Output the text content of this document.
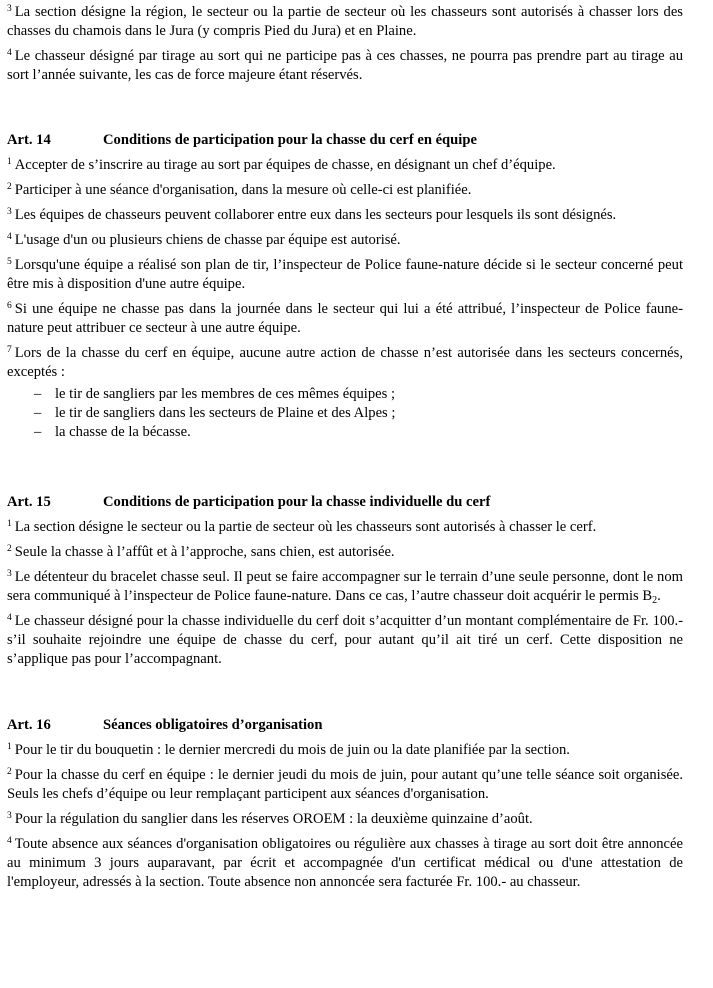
$^3$ La section désigne la région, le secteur ou la partie de secteur où les chasseurs sont autorisés à chasser lors des chasses du chamois dans le Jura (y compris Pied du Jura) et en Plaine.

$^4$ Le chasseur désigné par tirage au sort qui ne participe pas à ces chasses, ne pourra pas prendre part au tirage au sort l’année suivante, les cas de force majeure étant réservés.

Art. 14	Conditions de participation pour la chasse du cerf en équipe

$^1$ Accepter de s’inscrire au tirage au sort par équipes de chasse, en désignant un chef d’équipe.

$^2$ Participer à une séance d'organisation, dans la mesure où celle-ci est planifiée.

$^3$ Les équipes de chasseurs peuvent collaborer entre eux dans les secteurs pour lesquels ils sont désignés.

$^4$ L'usage d'un ou plusieurs chiens de chasse par équipe est autorisé.

$^5$ Lorsqu'une équipe a réalisé son plan de tir, l’inspecteur de Police faune-nature décide si le secteur concerné peut être mis à disposition d'une autre équipe.

$^6$ Si une équipe ne chasse pas dans la journée dans le secteur qui lui a été attribué, l’inspecteur de Police faune-nature peut attribuer ce secteur à une autre équipe.

$^7$ Lors de la chasse du cerf en équipe, aucune autre action de chasse n’est autorisée dans les secteurs concernés, exceptés :

– le tir de sangliers par les membres de ces mêmes équipes ;
– le tir de sangliers dans les secteurs de Plaine et des Alpes ;
– la chasse de la bécasse.
Art. 15	Conditions de participation pour la chasse individuelle du cerf

$^1$ La section désigne le secteur ou la partie de secteur où les chasseurs sont autorisés à chasser le cerf.

$^2$ Seule la chasse à l’affût et à l’approche, sans chien, est autorisée.

$^3$ Le détenteur du bracelet chasse seul. Il peut se faire accompagner sur le terrain d’une seule personne, dont le nom sera communiqué à l’inspecteur de Police faune-nature. Dans ce cas, l’autre chasseur doit acquérir le permis $B_2$.

$^4$ Le chasseur désigné pour la chasse individuelle du cerf doit s’acquitter d’un montant complémentaire de Fr. 100.- s’il souhaite rejoindre une équipe de chasse du cerf, pour autant qu’il ait tiré un cerf. Cette disposition ne s’applique pas pour l’accompagnant.

Art. 16	Séances obligatoires d’organisation

$^1$ Pour le tir du bouquetin : le dernier mercredi du mois de juin ou la date planifiée par la section.

$^2$ Pour la chasse du cerf en équipe : le dernier jeudi du mois de juin, pour autant qu’une telle séance soit organisée. Seuls les chefs d’équipe ou leur remplaçant participent aux séances d'organisation.

$^3$ Pour la régulation du sanglier dans les réserves OROEM : la deuxième quinzaine d’août.

$^4$ Toute absence aux séances d'organisation obligatoires ou régulière aux chasses à tirage au sort doit être annoncée au minimum 3 jours auparavant, par écrit et accompagnée d'un certificat médical ou d'une attestation de l'employeur, adressés à la section. Toute absence non annoncée sera facturée Fr. 100.- au chasseur.
